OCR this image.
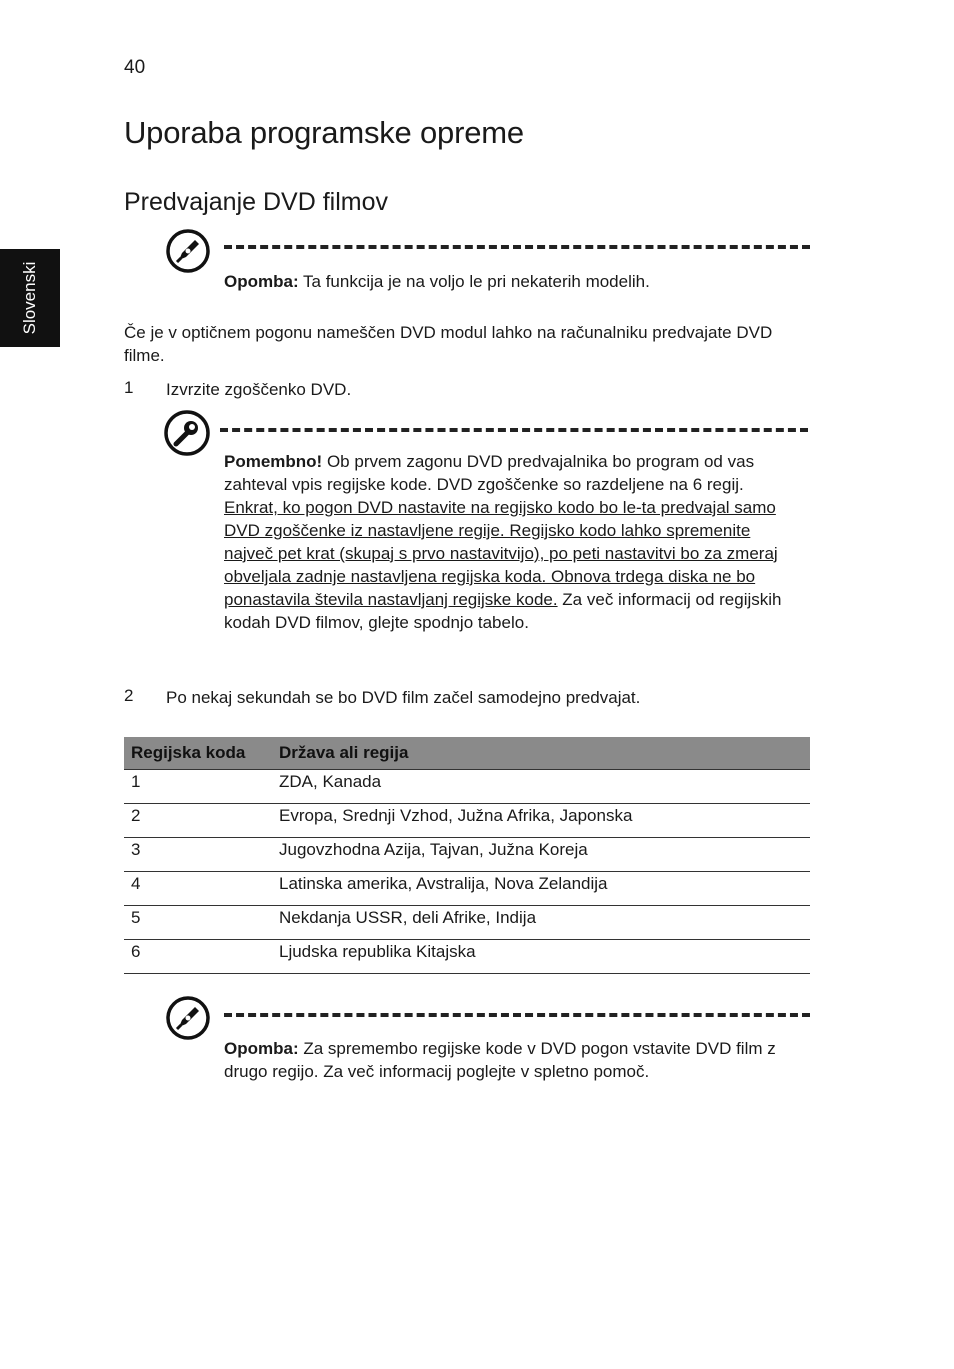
40
Uporaba programske opreme
Predvajanje DVD filmov
Slovenski	Opomba: Ta funkcija je na voljo le pri nekaterih modelih.
Če je v optičnem pogonu nameščen DVD modul lahko na računalniku predvajate DVD filme.
1 Izvrzite zgoščenko DVD.
Pomembno! Ob prvem zagonu DVD predvajalnika bo program od vas zahteval vpis regijske kode. DVD zgoščenke so razdeljene na 6 regij. Enkrat, ko pogon DVD nastavite na regijsko kodo bo le-ta predvajal samo DVD zgoščenke iz nastavljene regije. Regijsko kodo lahko spremenite največ pet krat (skupaj s prvo nastavitvijo), po peti nastavitvi bo za zmeraj obveljala zadnje nastavljena regijska koda. Obnova trdega diska ne bo ponastavila števila nastavljanj regijske kode. Za več informacij od regijskih kodah DVD filmov, glejte spodnjo tabelo.
2 Po nekaj sekundah se bo DVD film začel samodejno predvajat.
Regijska koda	Država ali regija
1	ZDA, Kanada
2	Evropa, Srednji Vzhod, Južna Afrika, Japonska
3	Jugovzhodna Azija, Tajvan, Južna Koreja
4	Latinska amerika, Avstralija, Nova Zelandija
5	Nekdanja USSR, deli Afrike, Indija
6	Ljudska republika Kitajska
Opomba: Za spremembo regijske kode v DVD pogon vstavite DVD film z drugo regijo. Za več informacij poglejte v spletno pomoč.
